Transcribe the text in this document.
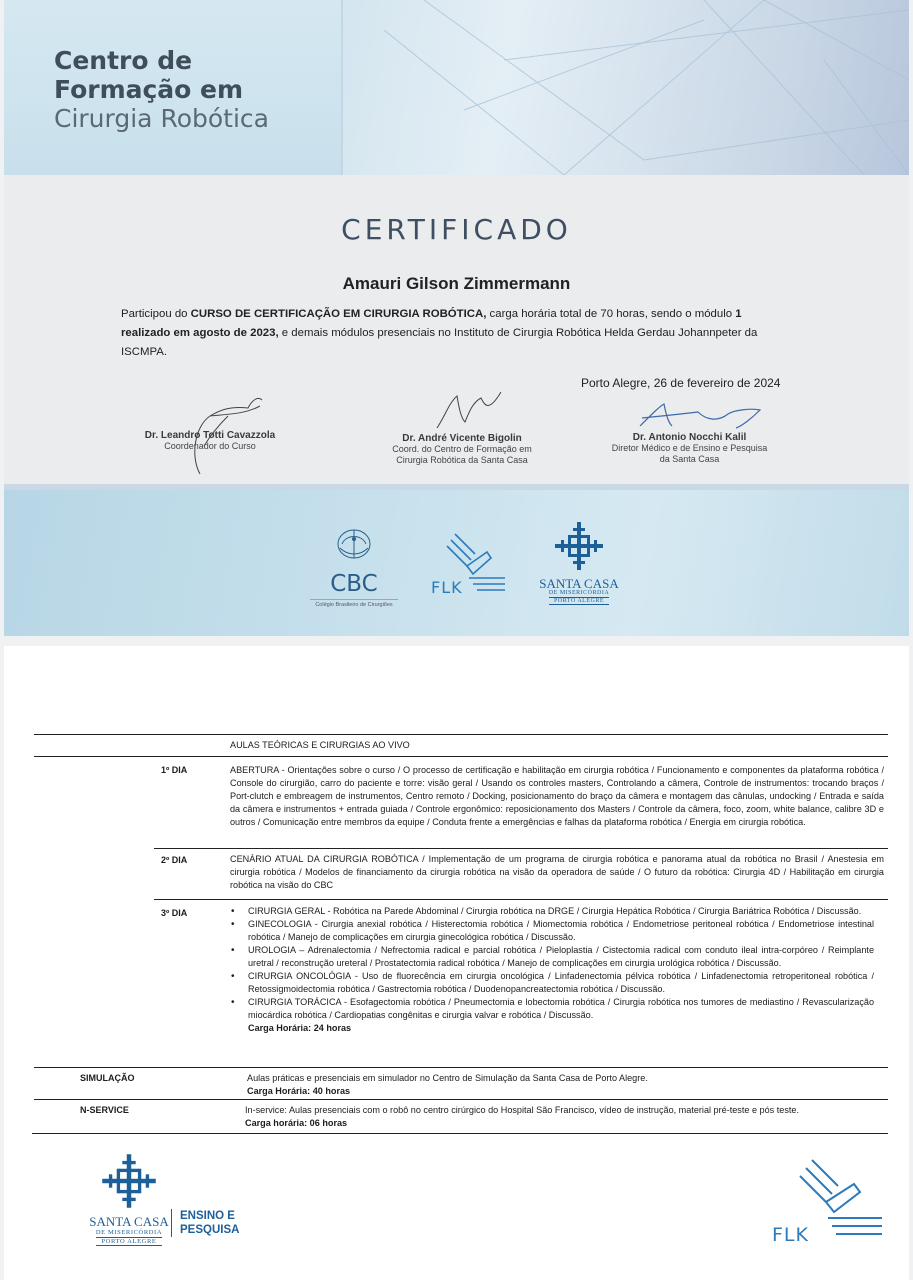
Centro de
Formação em
Cirurgia Robótica
CERTIFICADO
Amauri Gilson Zimmermann
Participou do CURSO DE CERTIFICAÇÃO EM CIRURGIA ROBÓTICA, carga horária total de 70 horas, sendo o módulo 1 realizado em agosto de 2023, e demais módulos presenciais no Instituto de Cirurgia Robótica Helda Gerdau Johannpeter da ISCMPA.
Porto Alegre, 26 de fevereiro de 2024
Dr. Leandro Totti Cavazzola
Coordenador do Curso
Dr. André Vicente Bigolin
Coord. do Centro de Formação em
Cirurgia Robótica da Santa Casa
Dr. Antonio Nocchi Kalil
Diretor Médico e de Ensino e Pesquisa
da Santa Casa
CBC
Colégio Brasileiro de Cirurgiões
FLK	SANTA CASA
DE MISERICÓRDIA
PORTO ALEGRE
AULAS TEÓRICAS E CIRURGIAS AO VIVO
1º DIA	ABERTURA - Orientações sobre o curso / O processo de certificação e habilitação em cirurgia robótica / Funcionamento e componentes da plataforma robótica / Console do cirurgião, carro do paciente e torre: visão geral / Usando os controles masters, Controlando a câmera, Controle de instrumentos: trocando braços / Port-clutch e embreagem de instrumentos, Centro remoto / Docking, posicionamento do braço da câmera e montagem das cânulas, undocking / Entrada e saída da câmera e instrumentos + entrada guiada / Controle ergonômico: reposicionamento dos Masters / Controle da câmera, foco, zoom, white balance, calibre 3D e outros / Comunicação entre membros da equipe / Conduta frente a emergências e falhas da plataforma robótica / Energia em cirurgia robótica.
2º DIA	CENÁRIO ATUAL DA CIRURGIA ROBÓTICA / Implementação de um programa de cirurgia robótica e panorama atual da robótica no Brasil / Anestesia em cirurgia robótica / Modelos de financiamento da cirurgia robótica na visão da operadora de saúde / O futuro da robótica: Cirurgia 4D / Habilitação em cirurgia robótica na visão do CBC
3º DIA
•	CIRURGIA GERAL - Robótica na Parede Abdominal / Cirurgia robótica na DRGE / Cirurgia Hepática Robótica / Cirurgia Bariátrica Robótica / Discussão.
• GINECOLOGIA - Cirurgia anexial robótica / Histerectomia robótica / Miomectomia robótica / Endometriose peritoneal robótica / Endometriose intestinal robótica / Manejo de complicações em cirurgia ginecológica robótica / Discussão.
• UROLOGIA – Adrenalectomia / Nefrectomia radical e parcial robótica / Pieloplastia / Cistectomia radical com conduto ileal intra-corpóreo / Reimplante uretral / reconstrução ureteral / Prostatectomia radical robótica / Manejo de complicações em cirurgia urológica robótica / Discussão.
• CIRURGIA ONCOLÓGIA - Uso de fluorecência em cirurgia oncológica / Linfadenectomia pélvica robótica / Linfadenectomia retroperitoneal robótica / Retossigmoidectomia robótica / Gastrectomia robótica / Duodenopancreatectomia robótica / Discussão.
• CIRURGIA TORÁCICA - Esofagectomia robótica / Pneumectomia e lobectomia robótica / Cirurgia robótica nos tumores de mediastino / Revascularização miocárdica robótica / Cardiopatias congênitas e cirurgia valvar e robótica / Discussão.
Carga Horária: 24 horas
SIMULAÇÃO	Aulas práticas e presenciais em simulador no Centro de Simulação da Santa Casa de Porto Alegre.
Carga Horária: 40 horas
N-SERVICE	In-service: Aulas presenciais com o robô no centro cirúrgico do Hospital São Francisco, vídeo de instrução, material pré-teste e pós teste.
Carga horária: 06 horas
SANTA CASA
DE MISERICÓRDIA
PORTO ALEGRE
ENSINO E
PESQUISA	FLK
